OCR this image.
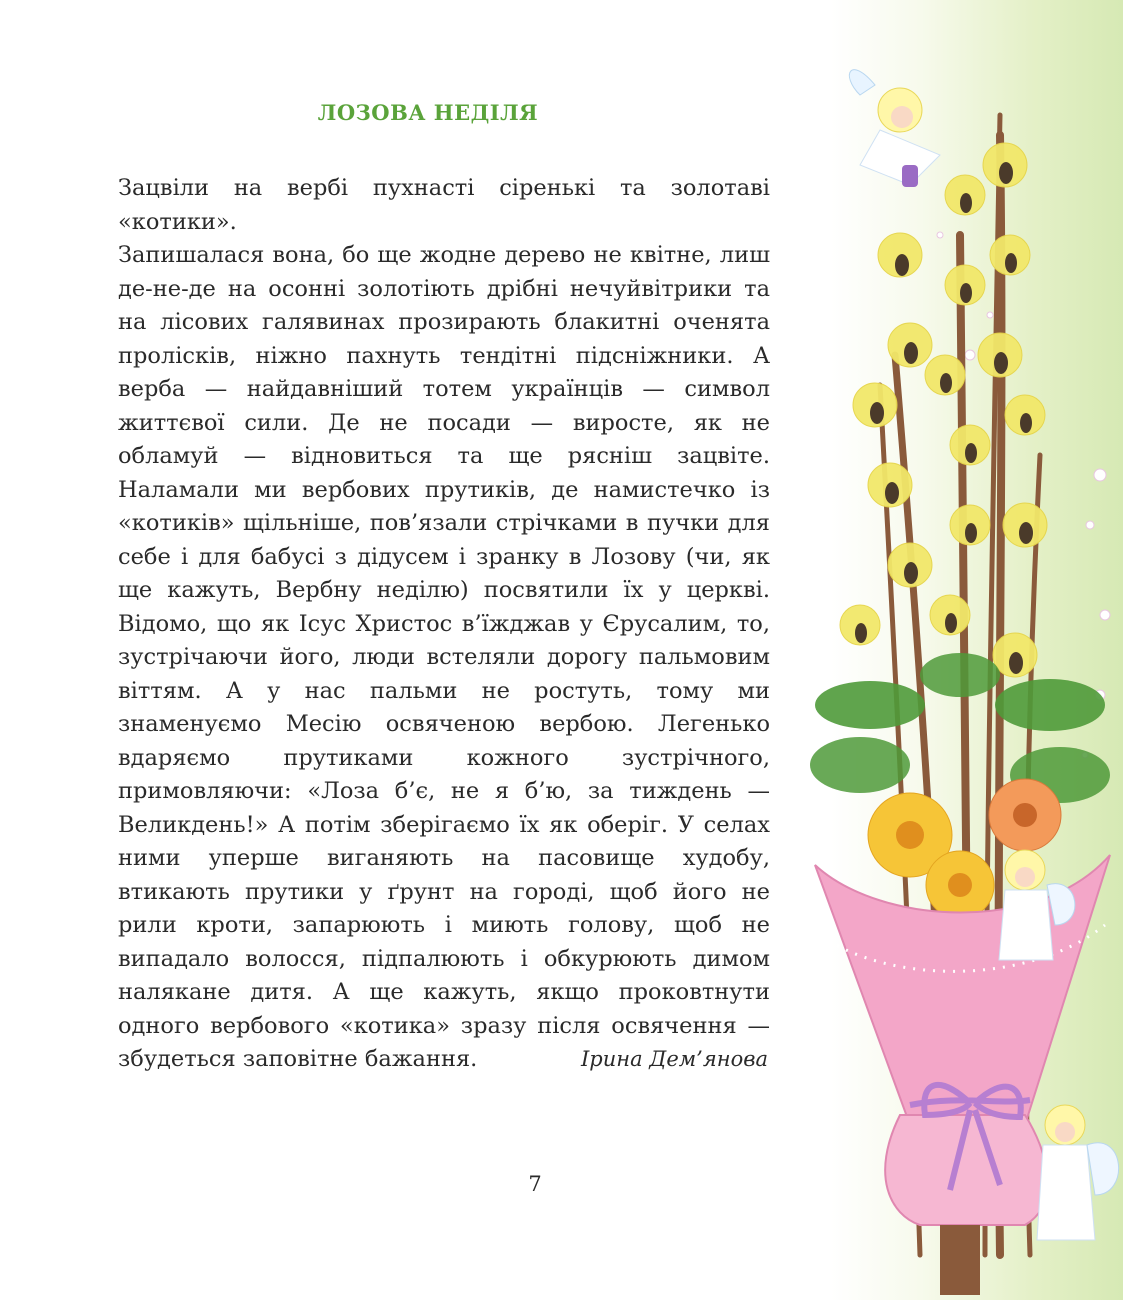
ЛОЗОВА НЕДІЛЯ

Зацвіли на вербі пухнасті сіренькі та золотаві «котики».

Запишалася вона, бо ще жодне дерево не квітне, лиш де-не-де на осонні золотіють дрібні нечуйвітрики та на лісових галявинах прозирають блакитні оченята пролісків, ніжно пахнуть тендітні підсніжники. А верба — найдавніший тотем українців — символ життєвої сили. Де не посади — виросте, як не обламуй — відновиться та ще рясніш зацвіте. Наламали ми вербових прутиків, де намистечко із «котиків» щільніше, пов’язали стрічками в пучки для себе і для бабусі з дідусем і зранку в Лозову (чи, як ще кажуть, Вербну неділю) посвятили їх у церкві. Відомо, що як Ісус Христос в’їжджав у Єрусалим, то, зустрічаючи його, люди встеляли дорогу пальмовим віттям. А у нас пальми не ростуть, тому ми знаменуємо Месію освяченою вербою. Легенько вдаряємо прутиками кожного зустрічного, примовляючи: «Лоза б’є, не я б’ю, за тиждень — Великдень!» А потім зберігаємо їх як оберіг. У селах ними уперше виганяють на пасовище худобу, втикають прутики у ґрунт на городі, щоб його не рили кроти, запарюють і миють голову, щоб не випадало волосся, підпалюють і обкурюють димом налякане дитя. А ще кажуть, якщо проковтнути одного вербового «котика» зразу після освячення — збудеться заповітне бажання.	Ірина Дем’янова
7
